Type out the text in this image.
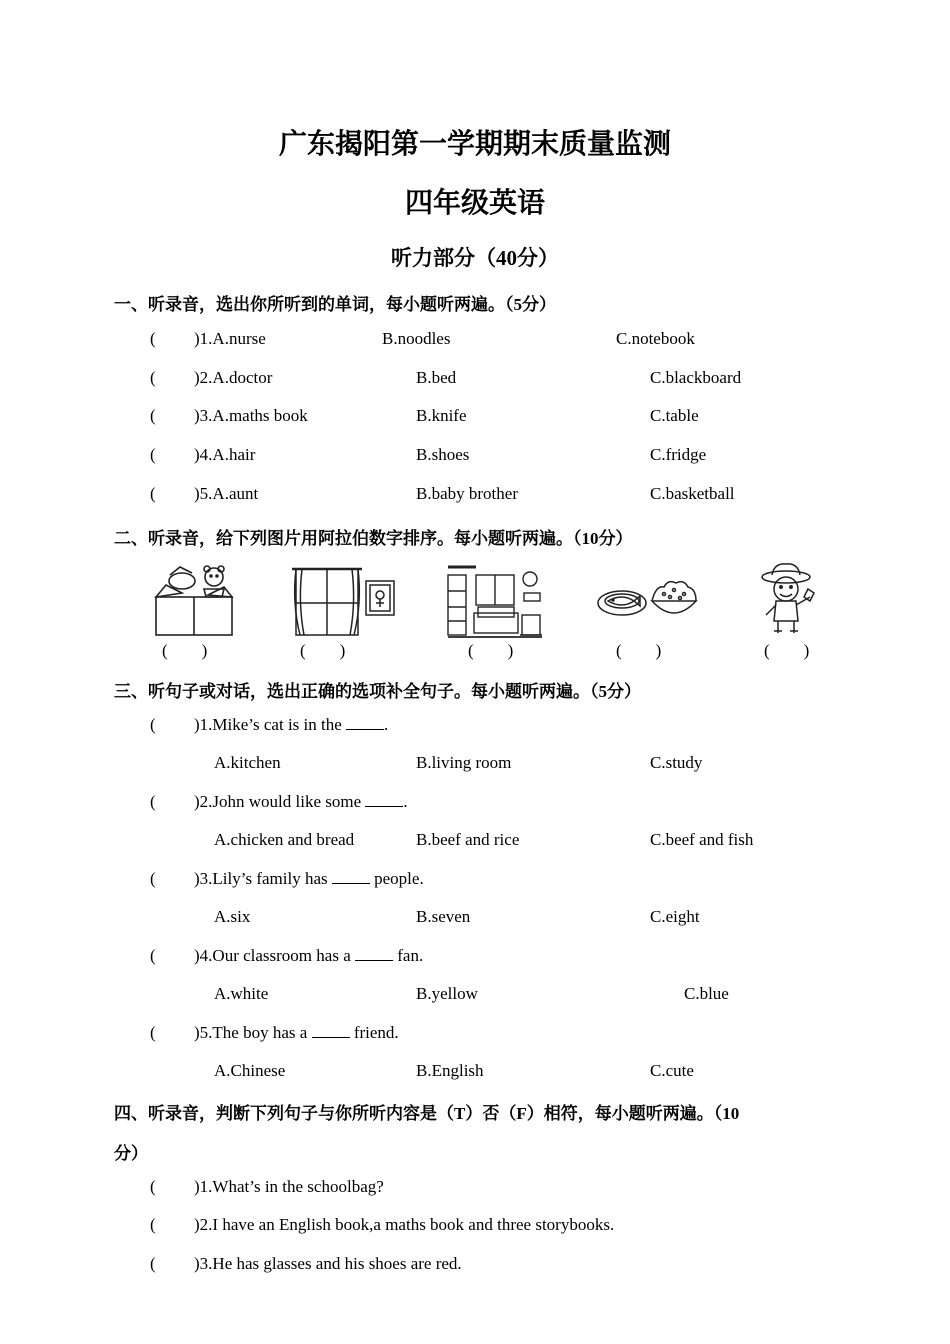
广东揭阳第一学期期末质量监测
四年级英语
听力部分（40分）
一、听录音，选出你所听到的单词，每小题听两遍。（5分）
( )1.A.nurse	B.noodles	C.notebook
( )2.A.doctor	B.bed	C.blackboard
( )3.A.maths book	B.knife	C.table
( )4.A.hair	B.shoes	C.fridge
( )5.A.aunt	B.baby brother	C.basketball
二、听录音，给下列图片用阿拉伯数字排序。每小题听两遍。（10分）
(　　)	(　　)	(　　)	(　　)	(　　)
三、听句子或对话，选出正确的选项补全句子。每小题听两遍。（5分）
( )1.Mike’s cat is in the .
A.kitchen	B.living room	C.study
( )2.John would like some .
A.chicken and bread	B.beef and rice	C.beef and fish
( )3.Lily’s family has  people.
A.six	B.seven	C.eight
( )4.Our classroom has a  fan.
A.white	B.yellow	C.blue
( )5.The boy has a  friend.
A.Chinese	B.English	C.cute
四、听录音，判断下列句子与你所听内容是（T）否（F）相符，每小题听两遍。（10
分）
( )1.What’s in the schoolbag?
( )2.I have an English book,a maths book and three storybooks.
( )3.He has glasses and his shoes are red.
